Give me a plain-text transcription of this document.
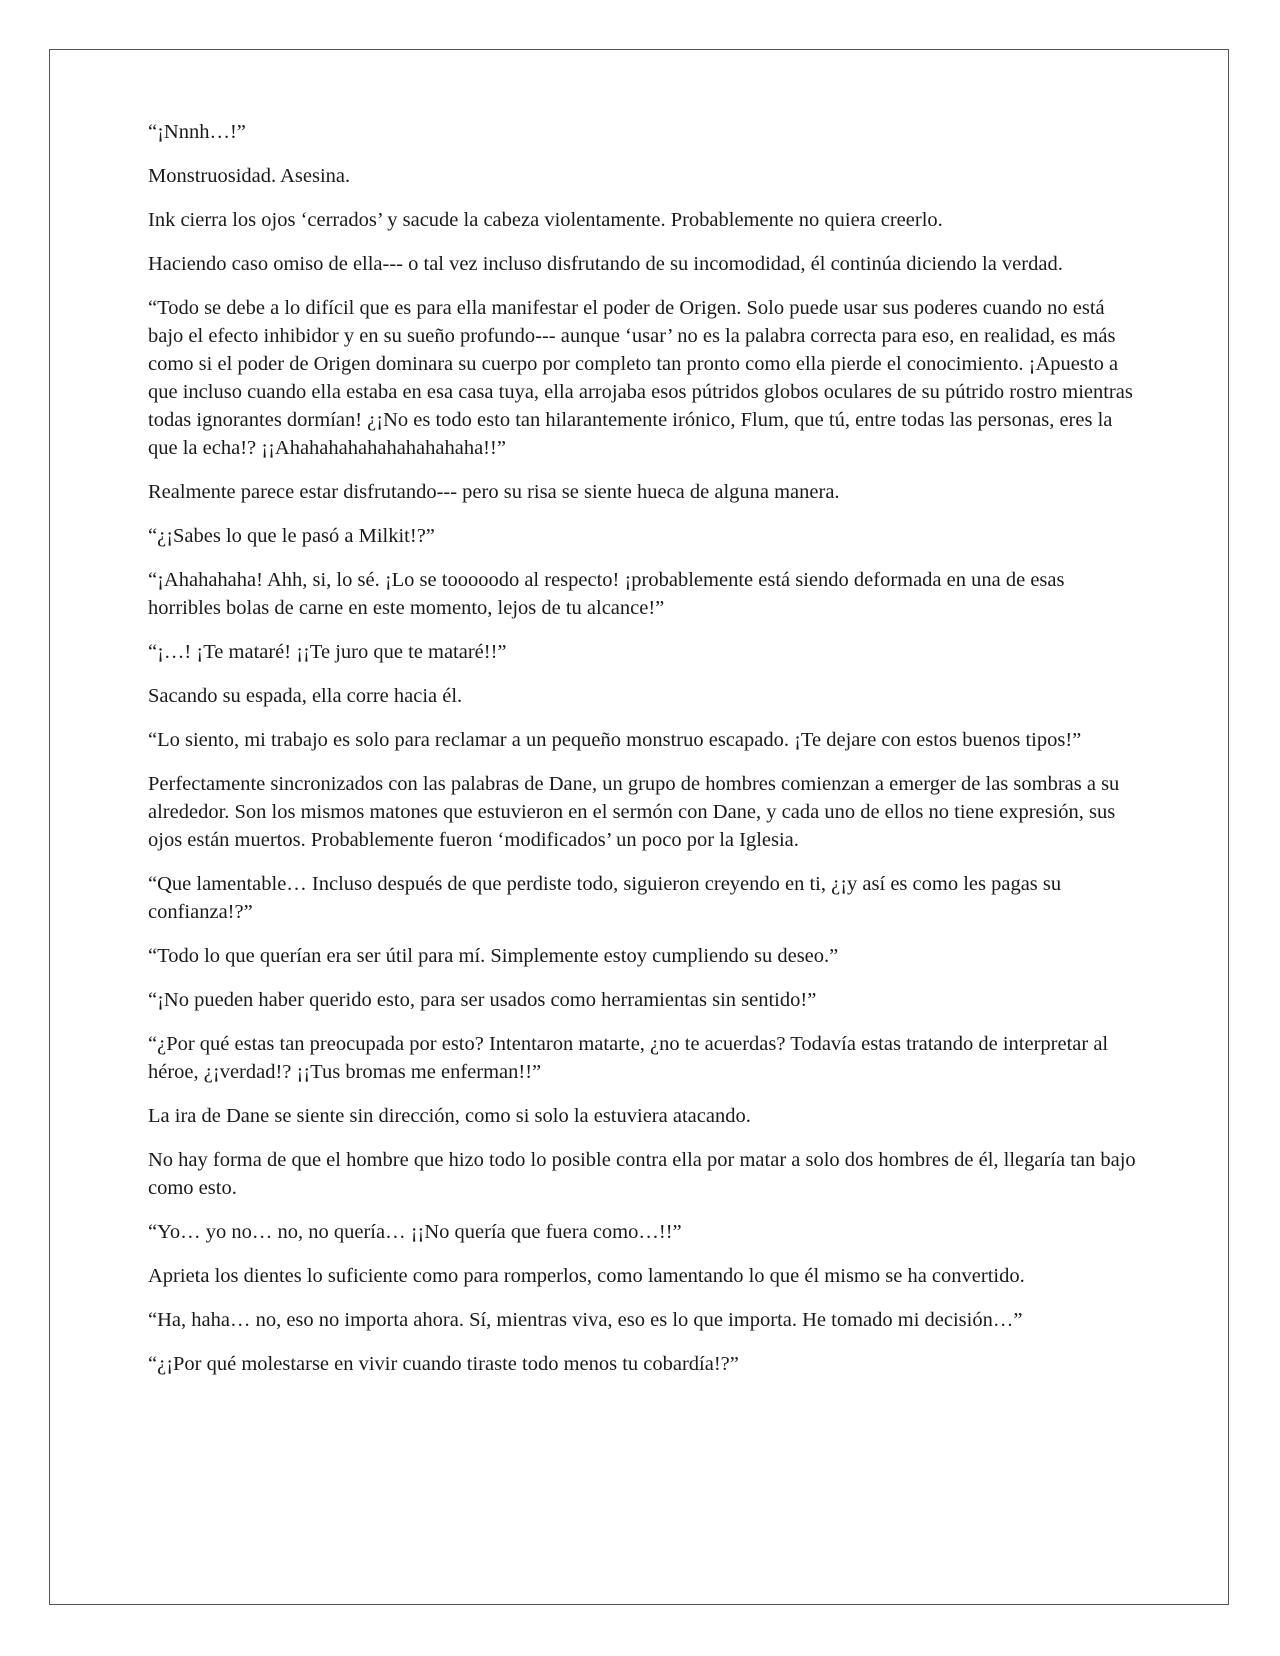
“¡Nnnh…!”

Monstruosidad. Asesina.

Ink cierra los ojos ‘cerrados’ y sacude la cabeza violentamente. Probablemente no quiera creerlo.

Haciendo caso omiso de ella--- o tal vez incluso disfrutando de su incomodidad, él continúa diciendo la verdad.

“Todo se debe a lo difícil que es para ella manifestar el poder de Origen. Solo puede usar sus poderes cuando no está bajo el efecto inhibidor y en su sueño profundo--- aunque ‘usar’ no es la palabra correcta para eso, en realidad, es más como si el poder de Origen dominara su cuerpo por completo tan pronto como ella pierde el conocimiento. ¡Apuesto a que incluso cuando ella estaba en esa casa tuya, ella arrojaba esos pútridos globos oculares de su pútrido rostro mientras todas ignorantes dormían! ¿¡No es todo esto tan hilarantemente irónico, Flum, que tú, entre todas las personas, eres la que la echa!? ¡¡Ahahahahahahahahahaha!!”

Realmente parece estar disfrutando--- pero su risa se siente hueca de alguna manera.

“¿¡Sabes lo que le pasó a Milkit!?”

“¡Ahahahaha! Ahh, si, lo sé. ¡Lo se tooooodo al respecto! ¡probablemente está siendo deformada en una de esas horribles bolas de carne en este momento, lejos de tu alcance!”

“¡…! ¡Te mataré! ¡¡Te juro que te mataré!!”

Sacando su espada, ella corre hacia él.

“Lo siento, mi trabajo es solo para reclamar a un pequeño monstruo escapado. ¡Te dejare con estos buenos tipos!”

Perfectamente sincronizados con las palabras de Dane, un grupo de hombres comienzan a emerger de las sombras a su alrededor. Son los mismos matones que estuvieron en el sermón con Dane, y cada uno de ellos no tiene expresión, sus ojos están muertos. Probablemente fueron ‘modificados’ un poco por la Iglesia.

“Que lamentable… Incluso después de que perdiste todo, siguieron creyendo en ti, ¿¡y así es como les pagas su confianza!?”

“Todo lo que querían era ser útil para mí. Simplemente estoy cumpliendo su deseo.”

“¡No pueden haber querido esto, para ser usados como herramientas sin sentido!”

“¿Por qué estas tan preocupada por esto? Intentaron matarte, ¿no te acuerdas? Todavía estas tratando de interpretar al héroe, ¿¡verdad!? ¡¡Tus bromas me enferman!!”

La ira de Dane se siente sin dirección, como si solo la estuviera atacando.

No hay forma de que el hombre que hizo todo lo posible contra ella por matar a solo dos hombres de él, llegaría tan bajo como esto.

“Yo… yo no… no, no quería… ¡¡No quería que fuera como…!!”

Aprieta los dientes lo suficiente como para romperlos, como lamentando lo que él mismo se ha convertido.

“Ha, haha… no, eso no importa ahora. Sí, mientras viva, eso es lo que importa. He tomado mi decisión…”

“¿¡Por qué molestarse en vivir cuando tiraste todo menos tu cobardía!?”
